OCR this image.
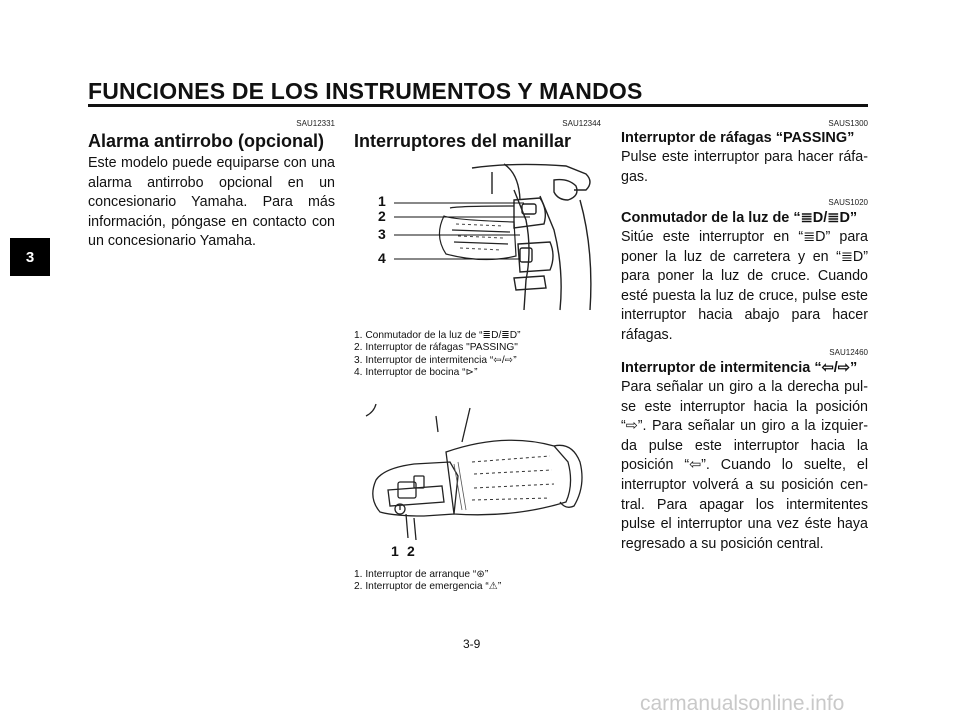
FUNCIONES DE LOS INSTRUMENTOS Y MANDOS
3
SAU12331
Alarma antirrobo (opcional)
Este modelo puede equiparse con una alarma antirrobo opcional en un concesionario Yamaha. Para más información, póngase en contacto con un concesionario Yamaha.
SAU12344
Interruptores del manillar
1
2
3
4
1. Conmutador de la luz de “≣D/≣D”
2. Interruptor de ráfagas "PASSING"
3. Interruptor de intermitencia “⇦/⇨”
4. Interruptor de bocina “⊳”
1 2
1. Interruptor de arranque “⊛”
2. Interruptor de emergencia “⚠”
SAUS1300
Interruptor de ráfagas “PASSING”
Pulse este interruptor para hacer ráfa-gas.
SAUS1020
Conmutador de la luz de “≣D/≣D”
Sitúe este interruptor en “≣D” para poner la luz de carretera y en “≣D” para poner la luz de cruce. Cuando esté puesta la luz de cruce, pulse este interruptor hacia abajo para hacer ráfagas.
SAU12460
Interruptor de intermitencia “⇦/⇨”
Para señalar un giro a la derecha pul-se este interruptor hacia la posición “⇨”. Para señalar un giro a la izquier-da pulse este interruptor hacia la posición “⇦”. Cuando lo suelte, el interruptor volverá a su posición cen-tral. Para apagar los intermitentes pulse el interruptor una vez éste haya regresado a su posición central.
3-9
carmanualsonline.info
